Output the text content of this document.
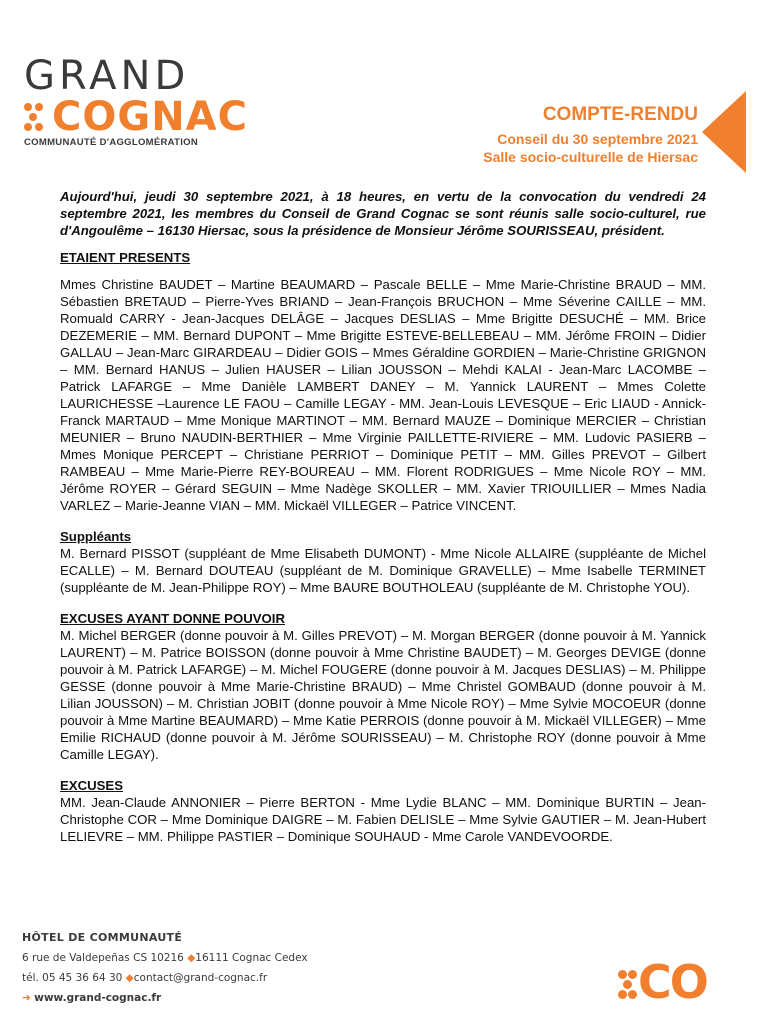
GRAND
COGNAC
COMMUNAUTÉ D'AGGLOMÉRATION
COMPTE-RENDU
Conseil du 30 septembre 2021
Salle socio-culturelle de Hiersac

Aujourd'hui, jeudi 30 septembre 2021, à 18 heures, en vertu de la convocation du vendredi 24 septembre 2021, les membres du Conseil de Grand Cognac se sont réunis salle socio-culturel, rue d'Angoulême – 16130 Hiersac, sous la présidence de Monsieur Jérôme SOURISSEAU, président.

ETAIENT PRESENTS

Mmes Christine BAUDET – Martine BEAUMARD – Pascale BELLE – Mme Marie-Christine BRAUD – MM. Sébastien BRETAUD – Pierre-Yves BRIAND – Jean-François BRUCHON – Mme Séverine CAILLE – MM. Romuald CARRY - Jean-Jacques DELÂGE – Jacques DESLIAS – Mme Brigitte DESUCHÉ – MM. Brice DEZEMERIE – MM. Bernard DUPONT – Mme Brigitte ESTEVE-BELLEBEAU – MM. Jérôme FROIN – Didier GALLAU – Jean-Marc GIRARDEAU – Didier GOIS – Mmes Géraldine GORDIEN – Marie-Christine GRIGNON – MM. Bernard HANUS – Julien HAUSER – Lilian JOUSSON – Mehdi KALAI - Jean-Marc LACOMBE – Patrick LAFARGE – Mme Danièle LAMBERT DANEY – M. Yannick LAURENT – Mmes Colette LAURICHESSE –Laurence LE FAOU – Camille LEGAY - MM. Jean-Louis LEVESQUE – Eric LIAUD - Annick-Franck MARTAUD – Mme Monique MARTINOT – MM. Bernard MAUZE – Dominique MERCIER – Christian MEUNIER – Bruno NAUDIN-BERTHIER – Mme Virginie PAILLETTE-RIVIERE – MM. Ludovic PASIERB – Mmes Monique PERCEPT – Christiane PERRIOT – Dominique PETIT – MM. Gilles PREVOT – Gilbert RAMBEAU – Mme Marie-Pierre REY-BOUREAU – MM. Florent RODRIGUES – Mme Nicole ROY – MM. Jérôme ROYER – Gérard SEGUIN – Mme Nadège SKOLLER – MM. Xavier TRIOUILLIER – Mmes Nadia VARLEZ – Marie-Jeanne VIAN – MM. Mickaël VILLEGER – Patrice VINCENT.

Suppléants

M. Bernard PISSOT (suppléant de Mme Elisabeth DUMONT) - Mme Nicole ALLAIRE (suppléante de Michel ECALLE) – M. Bernard DOUTEAU (suppléant de M. Dominique GRAVELLE) – Mme Isabelle TERMINET (suppléante de M. Jean-Philippe ROY) – Mme BAURE BOUTHOLEAU (suppléante de M. Christophe YOU).

EXCUSES AYANT DONNE POUVOIR

M. Michel BERGER (donne pouvoir à M. Gilles PREVOT) – M. Morgan BERGER (donne pouvoir à M. Yannick LAURENT) – M. Patrice BOISSON (donne pouvoir à Mme Christine BAUDET) – M. Georges DEVIGE (donne pouvoir à M. Patrick LAFARGE) – M. Michel FOUGERE (donne pouvoir à M. Jacques DESLIAS) – M. Philippe GESSE (donne pouvoir à Mme Marie-Christine BRAUD) – Mme Christel GOMBAUD (donne pouvoir à M. Lilian JOUSSON) – M. Christian JOBIT (donne pouvoir à Mme Nicole ROY) – Mme Sylvie MOCOEUR (donne pouvoir à Mme Martine BEAUMARD) – Mme Katie PERROIS (donne pouvoir à M. Mickaël VILLEGER) – Mme Emilie RICHAUD (donne pouvoir à M. Jérôme SOURISSEAU) – M. Christophe ROY (donne pouvoir à Mme Camille LEGAY).

EXCUSES

MM. Jean-Claude ANNONIER – Pierre BERTON - Mme Lydie BLANC – MM. Dominique BURTIN – Jean-Christophe COR – Mme Dominique DAIGRE – M. Fabien DELISLE – Mme Sylvie GAUTIER – M. Jean-Hubert LELIEVRE – MM. Philippe PASTIER – Dominique SOUHAUD - Mme Carole VANDEVOORDE.

HÔTEL DE COMMUNAUTÉ
6 rue de Valdepeñas CS 10216 ◆16111 Cognac Cedex
tél. 05 45 36 64 30 ◆contact@grand-cognac.fr
➜ www.grand-cognac.fr	CO
